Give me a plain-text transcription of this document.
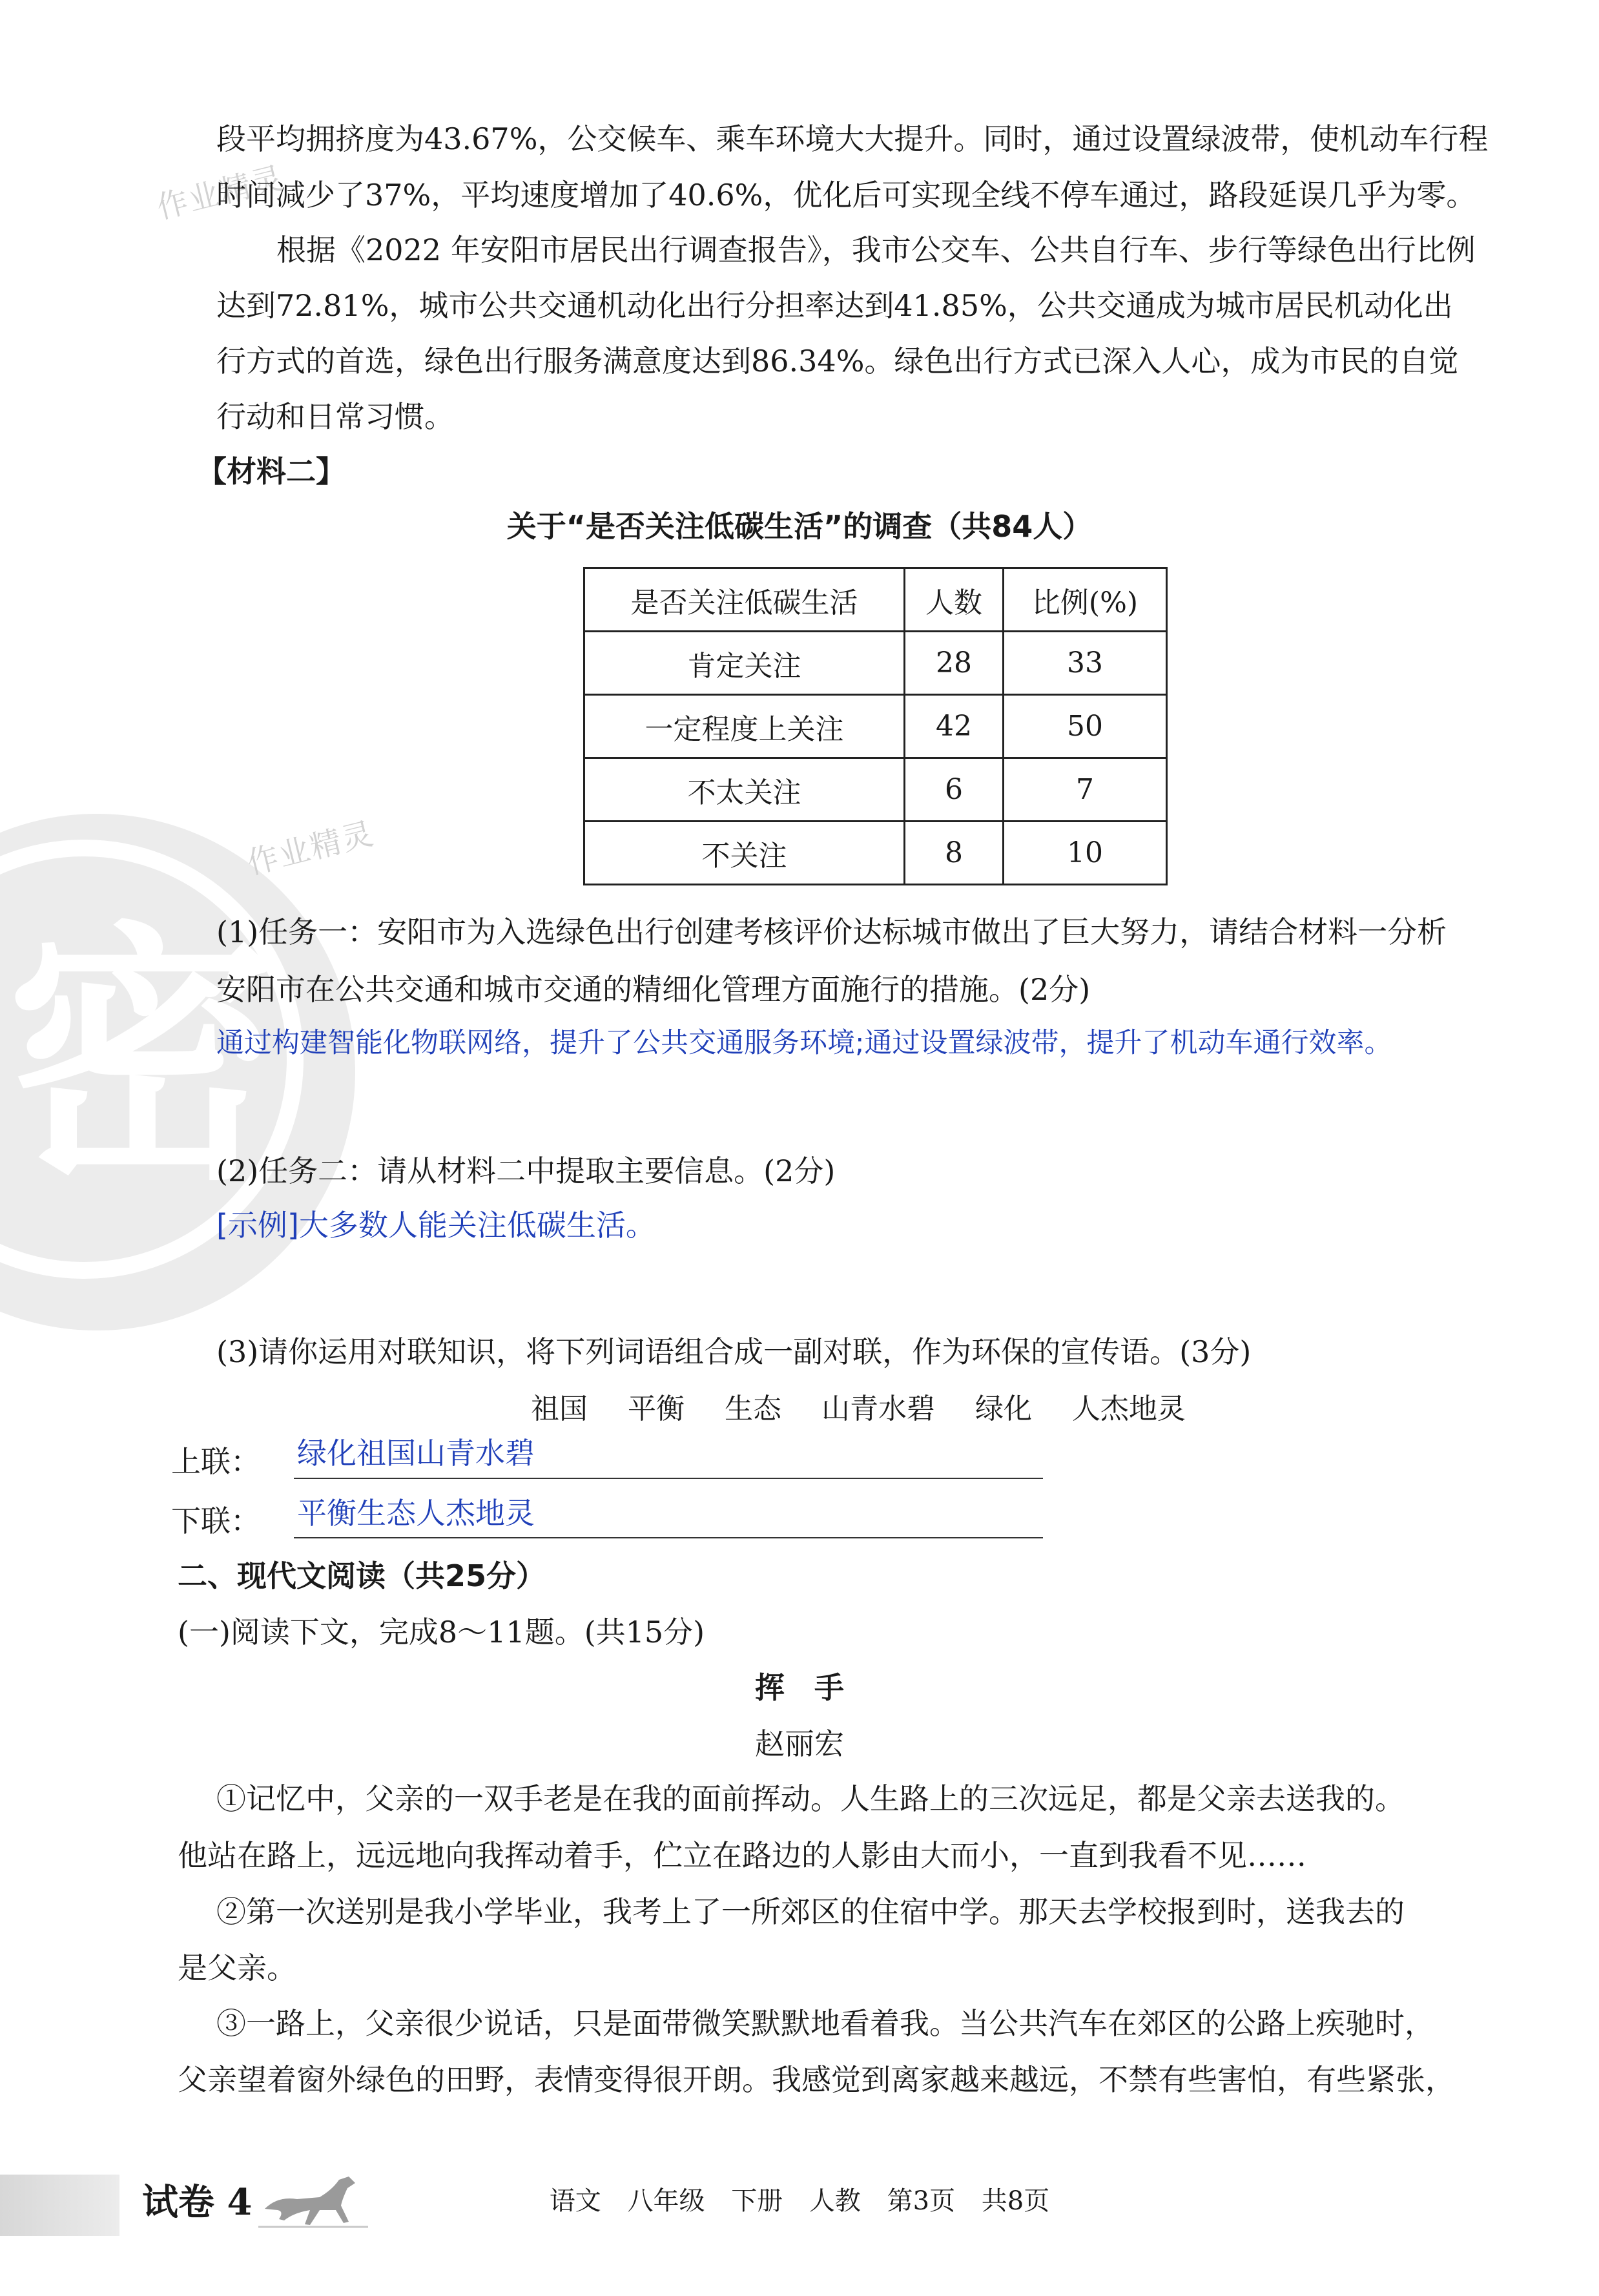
密
作业精灵
作业精灵
段平均拥挤度为43.67%，公交候车、乘车环境大大提升。同时，通过设置绿波带，使机动车行程
时间减少了37%，平均速度增加了40.6%，优化后可实现全线不停车通过，路段延误几乎为零。
根据《2022 年安阳市居民出行调查报告》，我市公交车、公共自行车、步行等绿色出行比例
达到72.81%，城市公共交通机动化出行分担率达到41.85%，公共交通成为城市居民机动化出
行方式的首选，绿色出行服务满意度达到86.34%。绿色出行方式已深入人心，成为市民的自觉
行动和日常习惯。
【材料二】
关于“是否关注低碳生活”的调查（共84人）
是否关注低碳生活	人数	比例(%)
肯定关注	28	33
一定程度上关注	42	50
不太关注	6	7
不关注	8	10
(1)任务一：安阳市为入选绿色出行创建考核评价达标城市做出了巨大努力，请结合材料一分析
安阳市在公共交通和城市交通的精细化管理方面施行的措施。(2分)
通过构建智能化物联网络，提升了公共交通服务环境;通过设置绿波带，提升了机动车通行效率。
(2)任务二：请从材料二中提取主要信息。(2分)
[示例]大多数人能关注低碳生活。
(3)请你运用对联知识，将下列词语组合成一副对联，作为环保的宣传语。(3分)
祖国 平衡 生态 山青水碧 绿化 人杰地灵
上联： 绿化祖国山青水碧
下联： 平衡生态人杰地灵
二、现代文阅读（共25分）
(一)阅读下文，完成8～11题。(共15分)
挥　手
赵丽宏
①记忆中，父亲的一双手老是在我的面前挥动。人生路上的三次远足，都是父亲去送我的。
他站在路上，远远地向我挥动着手，伫立在路边的人影由大而小，一直到我看不见……
②第一次送别是我小学毕业，我考上了一所郊区的住宿中学。那天去学校报到时，送我去的
是父亲。
③一路上，父亲很少说话，只是面带微笑默默地看着我。当公共汽车在郊区的公路上疾驰时，
父亲望着窗外绿色的田野，表情变得很开朗。我感觉到离家越来越远，不禁有些害怕，有些紧张，
试卷 4	语文 八年级 下册 人教 第3页 共8页
